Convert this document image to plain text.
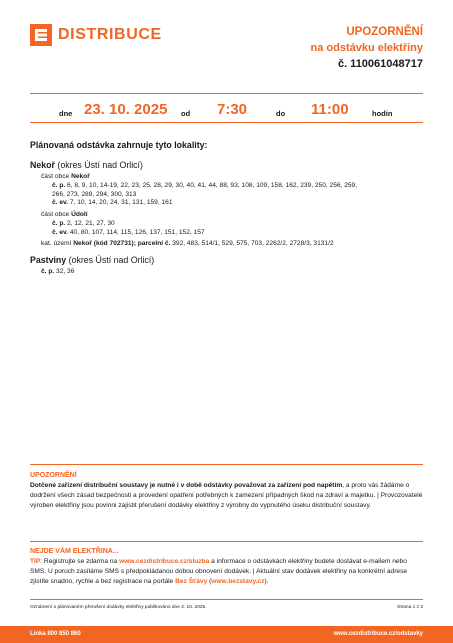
DISTRIBUCE	UPOZORNĚNÍ
na odstávku elektřiny
č. 110061048717
dne 23. 10. 2025 od 7:30	do 11:00	hodin
Plánovaná odstávka zahrnuje tyto lokality:
Nekoř (okres Ústí nad Orlicí)
část obce Nekoř
č. p. 6, 8, 9, 10, 14-19, 22, 23, 25, 28, 29, 30, 40, 41, 44, 88, 93, 108, 109, 158, 162, 239, 250, 256, 259,
266, 273, 289, 294, 300, 313
č. ev. 7, 10, 14, 20, 24, 31, 131, 159, 161
část obce Údolí
č. p. 2, 12, 21, 27, 30
č. ev. 40, 80, 107, 114, 115, 126, 137, 151, 152, 157
kat. území Nekoř (kód 702731); parcelní č. 392, 483, 514/1, 529, 575, 703, 2262/2, 2728/3, 3131/2
Pastviny (okres Ústí nad Orlicí)
č. p. 32, 36
UPOZORNĚNÍ
Dotčené zařízení distribuční soustavy je nutné i v době odstávky považovat za zařízení pod napětím, a proto vás žádáme o dodržení všech zásad bezpečnosti a provedení opatření potřebných k zamezení případných škod na zdraví a majetku. | Provozovatelé výroben elektřiny jsou povinni zajistit přerušení dodávky elektřiny z výrobny do vypnutého úseku distribuční soustavy.
NEJDE VÁM ELEKTŘINA...
TIP: Registrujte se zdarma na www.cezdistribuce.cz/sluzba a informace o odstávkách elektřiny budete dostávat e-mailem nebo SMS. U poruch zasíláme SMS s předpokládanou dobou obnovení dodávek. | Aktuální stav dodávek elektřiny na konkrétní adrese zjistíte snadno, rychle a bez registrace na portále Bez Šťávy (www.bezstavy.cz).
Oznámení o plánovaném přerušení dodávky elektřiny publikováno dne 2. 10. 2025.	Strana 1 z 2
Linka 800 850 860	www.cezdistribuce.cz/odstavky
